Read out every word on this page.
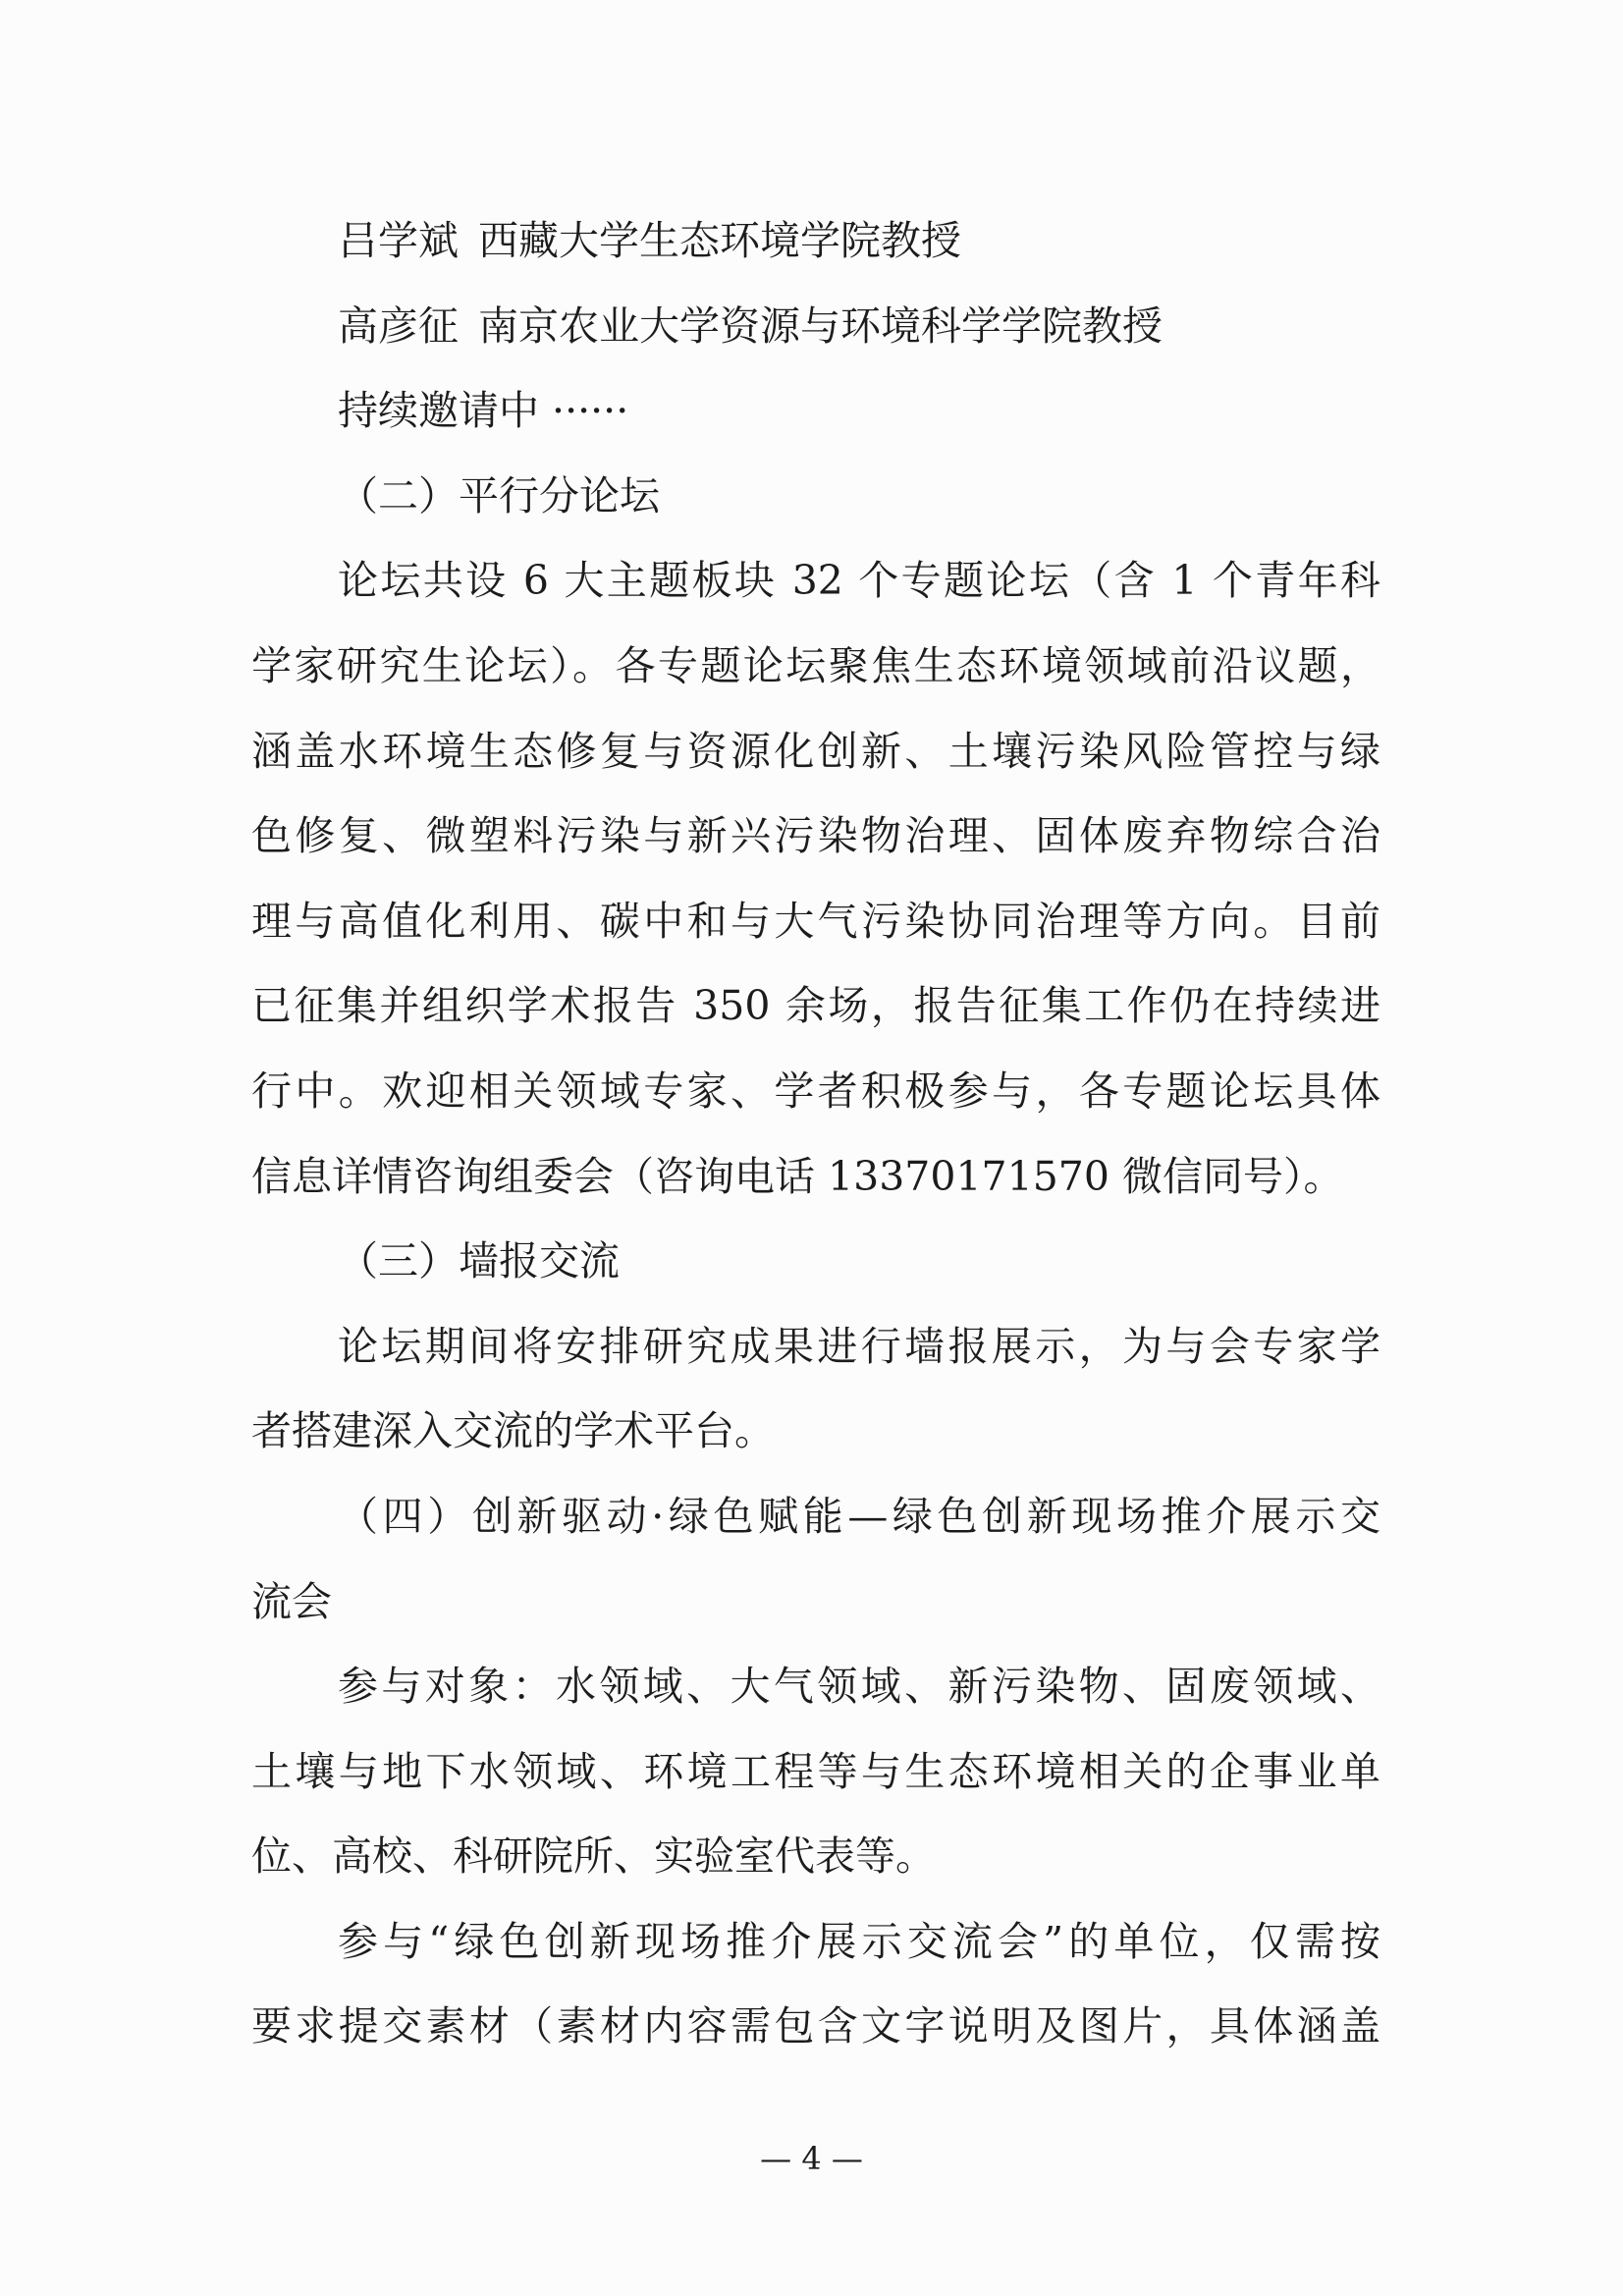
吕学斌 西藏大学生态环境学院教授
高彦征 南京农业大学资源与环境科学学院教授
持续邀请中 ······
（二）平行分论坛
论坛共设 6 大主题板块 32 个专题论坛（含 1 个青年科
学家研究生论坛）。各专题论坛聚焦生态环境领域前沿议题，
涵盖水环境生态修复与资源化创新、土壤污染风险管控与绿
色修复、微塑料污染与新兴污染物治理、固体废弃物综合治
理与高值化利用、碳中和与大气污染协同治理等方向。目前
已征集并组织学术报告 350 余场，报告征集工作仍在持续进
行中。欢迎相关领域专家、学者积极参与，各专题论坛具体
信息详情咨询组委会（咨询电话 13370171570 微信同号）。
（三）墙报交流
论坛期间将安排研究成果进行墙报展示，为与会专家学
者搭建深入交流的学术平台。
（四）创新驱动·绿色赋能—绿色创新现场推介展示交
流会
参与对象：水领域、大气领域、新污染物、固废领域、
土壤与地下水领域、环境工程等与生态环境相关的企事业单
位、高校、科研院所、实验室代表等。
参与“绿色创新现场推介展示交流会”的单位，仅需按
要求提交素材（素材内容需包含文字说明及图片，具体涵盖
— 4 —
